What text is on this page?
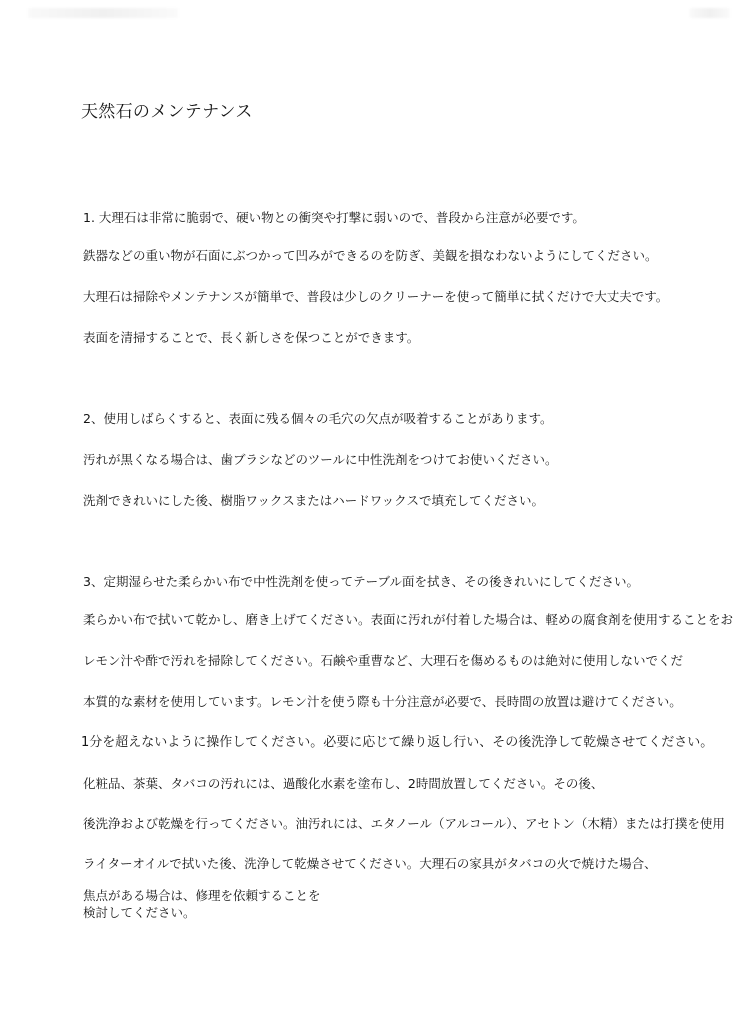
天然石のメンテナンス
1. 大理石は非常に脆弱で、硬い物との衝突や打撃に弱いので、普段から注意が必要です。
鉄器などの重い物が石面にぶつかって凹みができるのを防ぎ、美観を損なわないようにしてください。
大理石は掃除やメンテナンスが簡単で、普段は少しのクリーナーを使って簡単に拭くだけで大丈夫です。
表面を清掃することで、長く新しさを保つことができます。
2、使用しばらくすると、表面に残る個々の毛穴の欠点が吸着することがあります。
汚れが黒くなる場合は、歯ブラシなどのツールに中性洗剤をつけてお使いください。
洗剤できれいにした後、樹脂ワックスまたはハードワックスで填充してください。
3、定期湿らせた柔らかい布で中性洗剤を使ってテーブル面を拭き、その後きれいにしてください。
柔らかい布で拭いて乾かし、磨き上げてください。表面に汚れが付着した場合は、軽めの腐食剤を使用することをお
レモン汁や酢で汚れを掃除してください。石鹸や重曹など、大理石を傷めるものは絶対に使用しないでくだ
本質的な素材を使用しています。レモン汁を使う際も十分注意が必要で、長時間の放置は避けてください。
1分を超えないように操作してください。必要に応じて繰り返し行い、その後洗浄して乾燥させてください。
化粧品、茶葉、タバコの汚れには、過酸化水素を塗布し、2時間放置してください。その後、
後洗浄および乾燥を行ってください。油汚れには、エタノール（アルコール）、アセトン（木精）または打撲を使用
ライターオイルで拭いた後、洗浄して乾燥させてください。大理石の家具がタバコの火で焼けた場合、
焦点がある場合は、修理を依頼することを検討してください。
